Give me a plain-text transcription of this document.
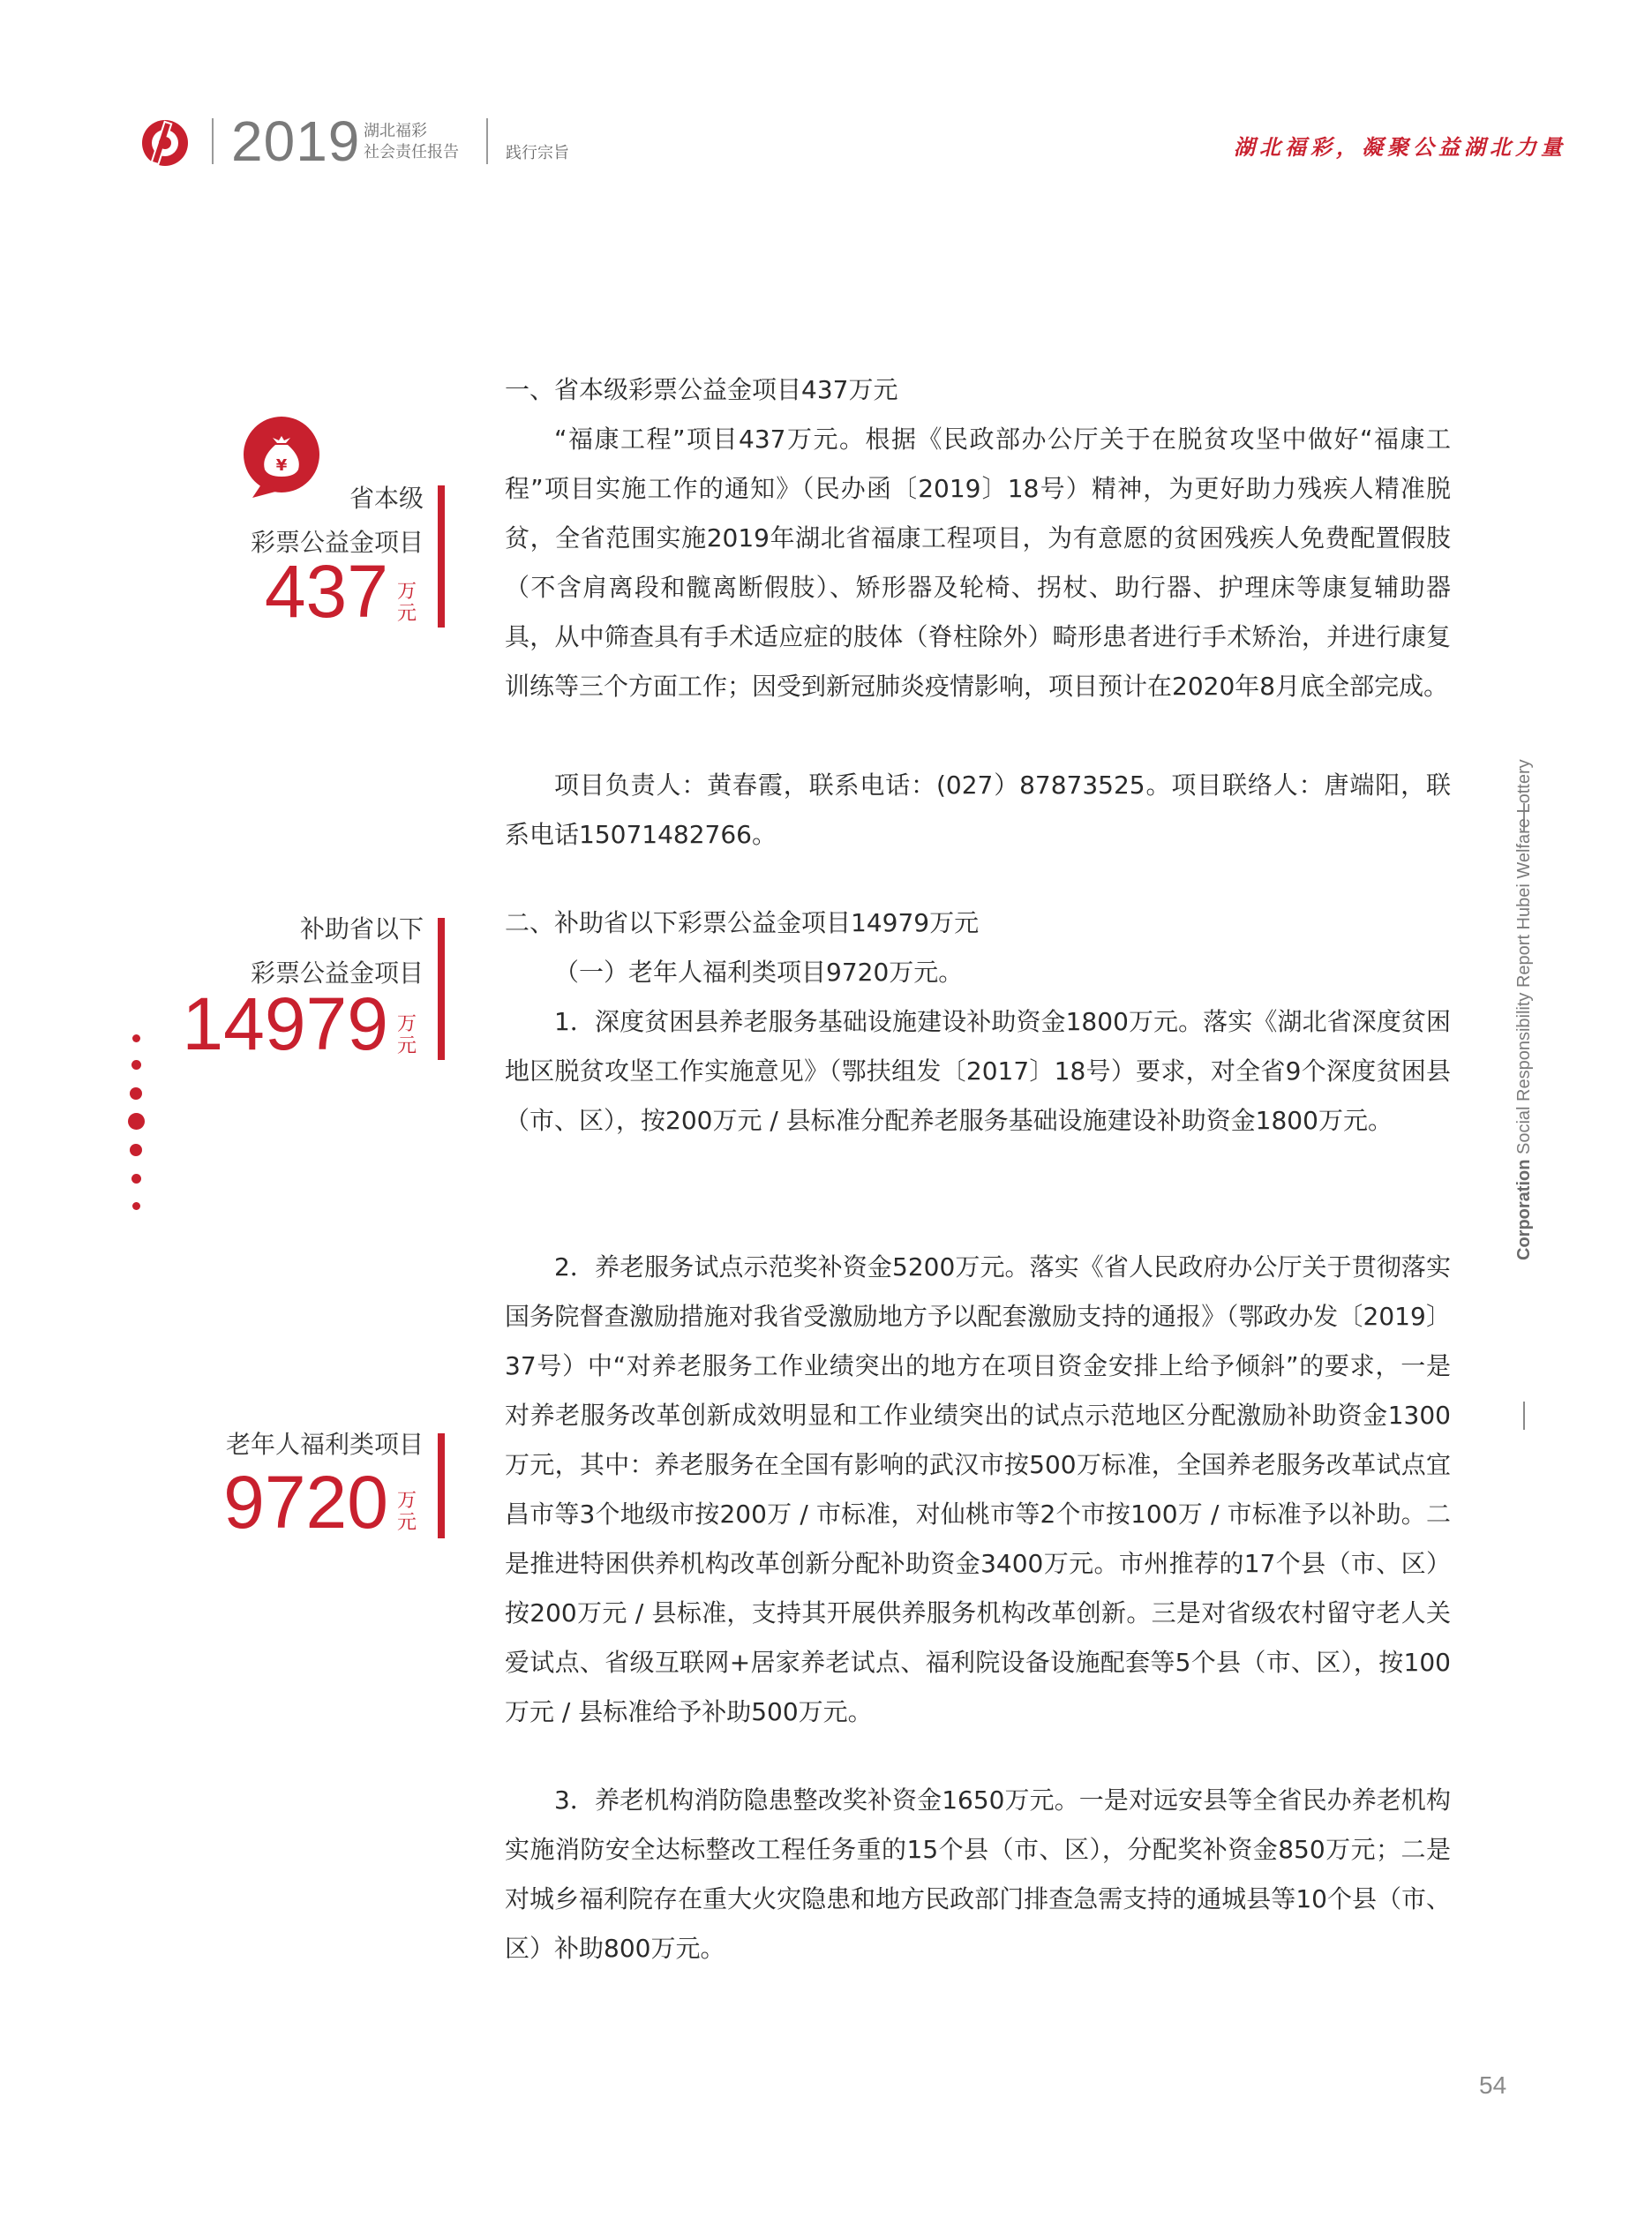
2019 湖北福彩
社会责任报告	践行宗旨	湖北福彩，凝聚公益湖北力量
¥
省本级
彩票公益金项目
437 万
元
补助省以下
彩票公益金项目
14979 万
元
老年人福利类项目
9720 万
元

一、省本级彩票公益金项目437万元

“福康工程”项目437万元。根据《民政部办公厅关于在脱贫攻坚中做好“福康工程”项目实施工作的通知》（民办函〔2019〕18号）精神，为更好助力残疾人精准脱贫，全省范围实施2019年湖北省福康工程项目，为有意愿的贫困残疾人免费配置假肢（不含肩离段和髋离断假肢）、矫形器及轮椅、拐杖、助行器、护理床等康复辅助器具，从中筛查具有手术适应症的肢体（脊柱除外）畸形患者进行手术矫治，并进行康复训练等三个方面工作；因受到新冠肺炎疫情影响，项目预计在2020年8月底全部完成。

项目负责人：黄春霞，联系电话：(027）87873525。项目联络人：唐端阳，联系电话15071482766。

二、补助省以下彩票公益金项目14979万元

（一）老年人福利类项目9720万元。

1．深度贫困县养老服务基础设施建设补助资金1800万元。落实《湖北省深度贫困地区脱贫攻坚工作实施意见》（鄂扶组发〔2017〕18号）要求，对全省9个深度贫困县（市、区），按200万元 / 县标准分配养老服务基础设施建设补助资金1800万元。

2．养老服务试点示范奖补资金5200万元。落实《省人民政府办公厅关于贯彻落实国务院督查激励措施对我省受激励地方予以配套激励支持的通报》（鄂政办发〔2019〕37号）中“对养老服务工作业绩突出的地方在项目资金安排上给予倾斜”的要求，一是对养老服务改革创新成效明显和工作业绩突出的试点示范地区分配激励补助资金1300万元，其中：养老服务在全国有影响的武汉市按500万标准，全国养老服务改革试点宜昌市等3个地级市按200万 / 市标准，对仙桃市等2个市按100万 / 市标准予以补助。二是推进特困供养机构改革创新分配补助资金3400万元。市州推荐的17个县（市、区）按200万元 / 县标准，支持其开展供养服务机构改革创新。三是对省级农村留守老人关爱试点、省级互联网+居家养老试点、福利院设备设施配套等5个县（市、区），按100万元 / 县标准给予补助500万元。

3．养老机构消防隐患整改奖补资金1650万元。一是对远安县等全省民办养老机构实施消防安全达标整改工程任务重的15个县（市、区），分配奖补资金850万元；二是对城乡福利院存在重大火灾隐患和地方民政部门排查急需支持的通城县等10个县（市、区）补助800万元。

Corporation Social Responsibility Report Hubei Welfare Lottery
54
